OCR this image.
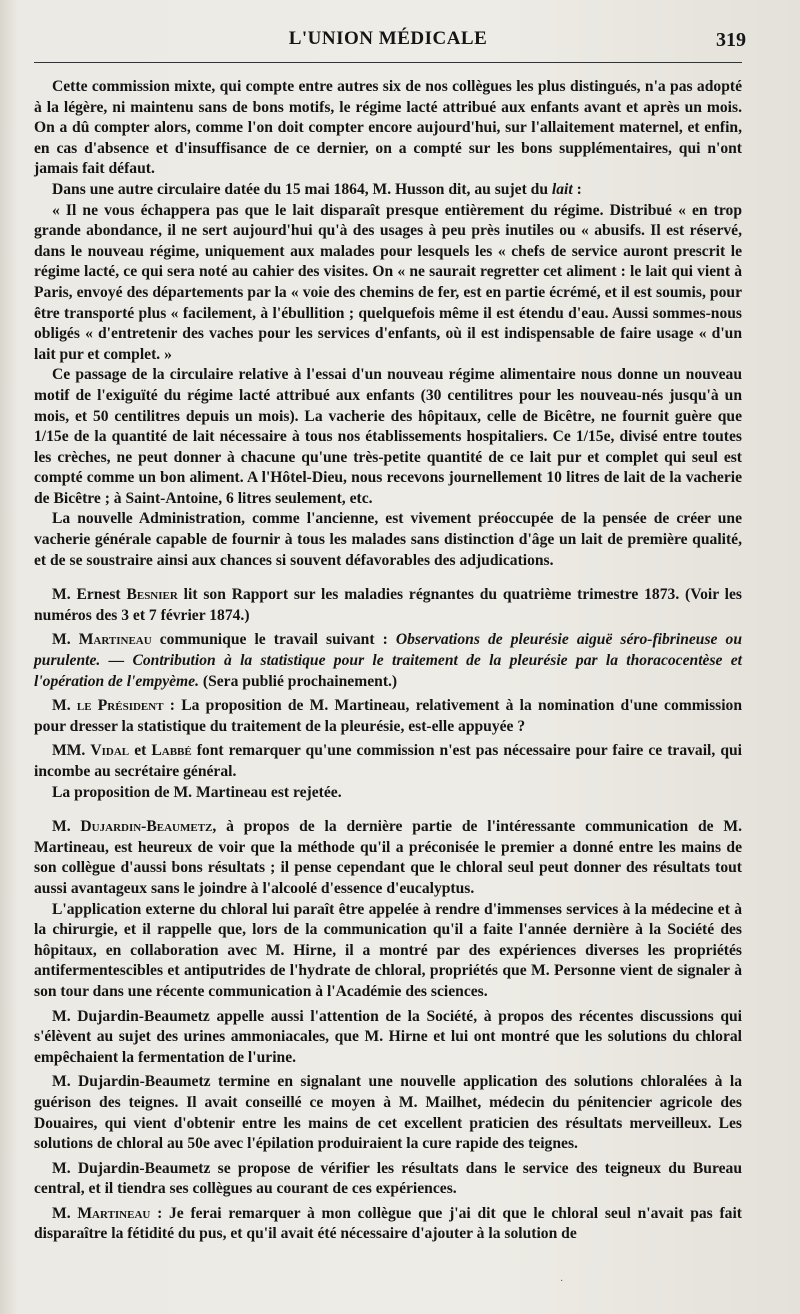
L'UNION MÉDICALE	319

Cette commission mixte, qui compte entre autres six de nos collègues les plus distingués, n'a pas adopté à la légère, ni maintenu sans de bons motifs, le régime lacté attribué aux enfants avant et après un mois. On a dû compter alors, comme l'on doit compter encore aujourd'hui, sur l'allaitement maternel, et enfin, en cas d'absence et d'insuffisance de ce dernier, on a compté sur les bons supplémentaires, qui n'ont jamais fait défaut.

Dans une autre circulaire datée du 15 mai 1864, M. Husson dit, au sujet du lait :

« Il ne vous échappera pas que le lait disparaît presque entièrement du régime. Distribué « en trop grande abondance, il ne sert aujourd'hui qu'à des usages à peu près inutiles ou « abusifs. Il est réservé, dans le nouveau régime, uniquement aux malades pour lesquels les « chefs de service auront prescrit le régime lacté, ce qui sera noté au cahier des visites. On « ne saurait regretter cet aliment : le lait qui vient à Paris, envoyé des départements par la « voie des chemins de fer, est en partie écrémé, et il est soumis, pour être transporté plus « facilement, à l'ébullition ; quelquefois même il est étendu d'eau. Aussi sommes-nous obligés « d'entretenir des vaches pour les services d'enfants, où il est indispensable de faire usage « d'un lait pur et complet. »

Ce passage de la circulaire relative à l'essai d'un nouveau régime alimentaire nous donne un nouveau motif de l'exiguïté du régime lacté attribué aux enfants (30 centilitres pour les nouveau-nés jusqu'à un mois, et 50 centilitres depuis un mois). La vacherie des hôpitaux, celle de Bicêtre, ne fournit guère que 1/15e de la quantité de lait nécessaire à tous nos établissements hospitaliers. Ce 1/15e, divisé entre toutes les crèches, ne peut donner à chacune qu'une très-petite quantité de ce lait pur et complet qui seul est compté comme un bon aliment. A l'Hôtel-Dieu, nous recevons journellement 10 litres de lait de la vacherie de Bicêtre ; à Saint-Antoine, 6 litres seulement, etc.

La nouvelle Administration, comme l'ancienne, est vivement préoccupée de la pensée de créer une vacherie générale capable de fournir à tous les malades sans distinction d'âge un lait de première qualité, et de se soustraire ainsi aux chances si souvent défavorables des adjudications.

M. Ernest Besnier lit son Rapport sur les maladies régnantes du quatrième trimestre 1873. (Voir les numéros des 3 et 7 février 1874.)

M. Martineau communique le travail suivant : Observations de pleurésie aiguë séro-fibrineuse ou purulente. — Contribution à la statistique pour le traitement de la pleurésie par la thoracocentèse et l'opération de l'empyème. (Sera publié prochainement.)

M. le Président : La proposition de M. Martineau, relativement à la nomination d'une commission pour dresser la statistique du traitement de la pleurésie, est-elle appuyée ?

MM. Vidal et Labbé font remarquer qu'une commission n'est pas nécessaire pour faire ce travail, qui incombe au secrétaire général.

La proposition de M. Martineau est rejetée.

M. Dujardin-Beaumetz, à propos de la dernière partie de l'intéressante communication de M. Martineau, est heureux de voir que la méthode qu'il a préconisée le premier a donné entre les mains de son collègue d'aussi bons résultats ; il pense cependant que le chloral seul peut donner des résultats tout aussi avantageux sans le joindre à l'alcoolé d'essence d'eucalyptus.

L'application externe du chloral lui paraît être appelée à rendre d'immenses services à la médecine et à la chirurgie, et il rappelle que, lors de la communication qu'il a faite l'année dernière à la Société des hôpitaux, en collaboration avec M. Hirne, il a montré par des expériences diverses les propriétés antifermentescibles et antiputrides de l'hydrate de chloral, propriétés que M. Personne vient de signaler à son tour dans une récente communication à l'Académie des sciences.

M. Dujardin-Beaumetz appelle aussi l'attention de la Société, à propos des récentes discussions qui s'élèvent au sujet des urines ammoniacales, que M. Hirne et lui ont montré que les solutions du chloral empêchaient la fermentation de l'urine.

M. Dujardin-Beaumetz termine en signalant une nouvelle application des solutions chloralées à la guérison des teignes. Il avait conseillé ce moyen à M. Mailhet, médecin du pénitencier agricole des Douaires, qui vient d'obtenir entre les mains de cet excellent praticien des résultats merveilleux. Les solutions de chloral au 50e avec l'épilation produiraient la cure rapide des teignes.

M. Dujardin-Beaumetz se propose de vérifier les résultats dans le service des teigneux du Bureau central, et il tiendra ses collègues au courant de ces expériences.

M. Martineau : Je ferai remarquer à mon collègue que j'ai dit que le chloral seul n'avait pas fait disparaître la fétidité du pus, et qu'il avait été nécessaire d'ajouter à la solution de

·
